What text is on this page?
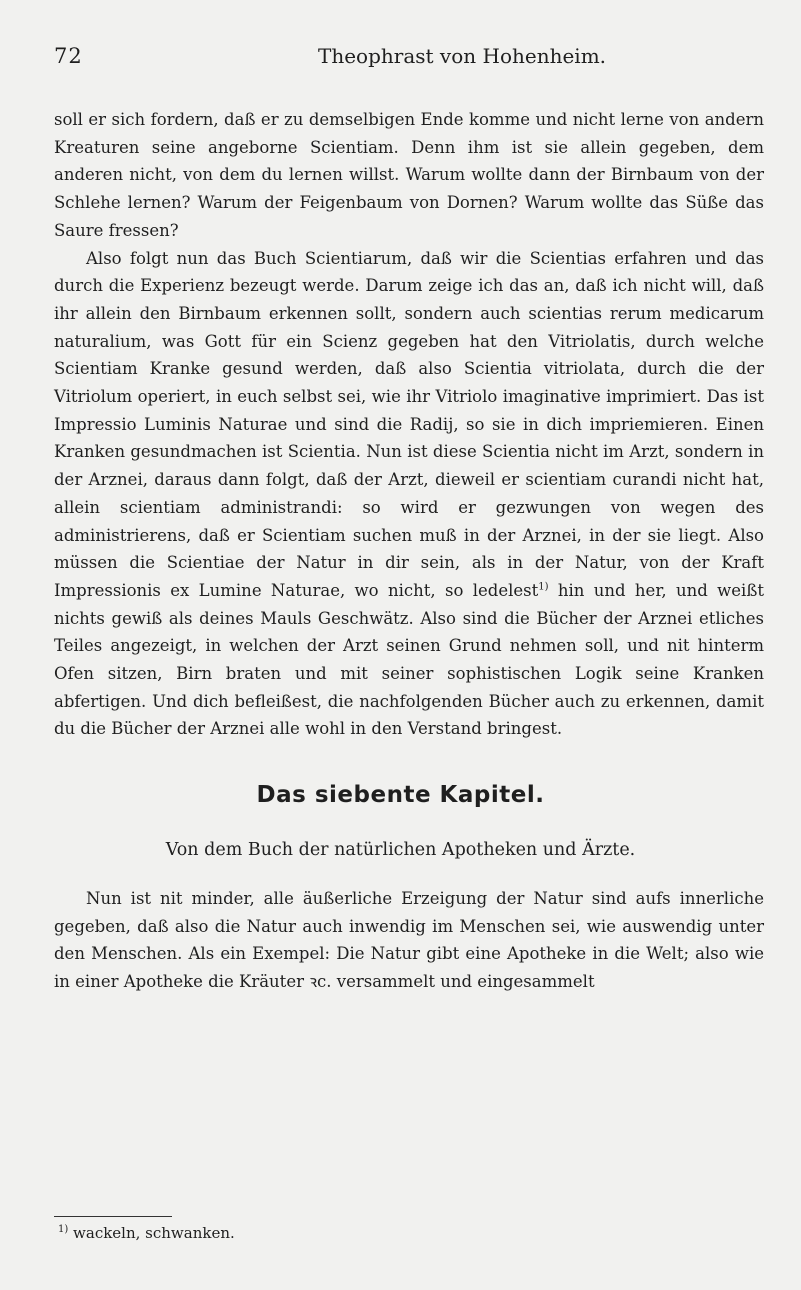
72	Theophrast von Hohenheim.

soll er sich fordern, daß er zu demselbigen Ende komme und nicht lerne von andern Kreaturen seine angeborne Scientiam. Denn ihm ist sie allein gegeben, dem anderen nicht, von dem du lernen willst. Warum wollte dann der Birnbaum von der Schlehe lernen? Warum der Feigenbaum von Dornen? Warum wollte das Süße das Saure fressen?

Also folgt nun das Buch Scientiarum, daß wir die Scientias erfahren und das durch die Experienz bezeugt werde. Darum zeige ich das an, daß ich nicht will, daß ihr allein den Birnbaum erkennen sollt, sondern auch scientias rerum medicarum naturalium, was Gott für ein Scienz gegeben hat den Vitriolatis, durch welche Scientiam Kranke gesund werden, daß also Scientia vitriolata, durch die der Vitriolum operiert, in euch selbst sei, wie ihr Vitriolo imaginative imprimiert. Das ist Impressio Luminis Naturae und sind die Radij, so sie in dich impriemieren. Einen Kranken gesundmachen ist Scientia. Nun ist diese Scientia nicht im Arzt, sondern in der Arznei, daraus dann folgt, daß der Arzt, dieweil er scientiam curandi nicht hat, allein scientiam administrandi: so wird er gezwungen von wegen des administrierens, daß er Scientiam suchen muß in der Arznei, in der sie liegt. Also müssen die Scientiae der Natur in dir sein, als in der Natur, von der Kraft Impressionis ex Lumine Naturae, wo nicht, so ledelest$^{1)}$ hin und her, und weißt nichts gewiß als deines Mauls Geschwätz. Also sind die Bücher der Arznei etliches Teiles angezeigt, in welchen der Arzt seinen Grund nehmen soll, und nit hinterm Ofen sitzen, Birn braten und mit seiner sophistischen Logik seine Kranken abfertigen. Und dich befleißest, die nachfolgenden Bücher auch zu erkennen, damit du die Bücher der Arznei alle wohl in den Verstand bringest.

Das siebente Kapitel.
Von dem Buch der natürlichen Apotheken und Ärzte.

Nun ist nit minder, alle äußerliche Erzeigung der Natur sind aufs innerliche gegeben, daß also die Natur auch inwendig im Menschen sei, wie auswendig unter den Menschen. Als ein Exempel: Die Natur gibt eine Apotheke in die Welt; also wie in einer Apotheke die Kräuter ꝛc. versammelt und eingesammelt

$^{1)}$ wackeln, schwanken.
